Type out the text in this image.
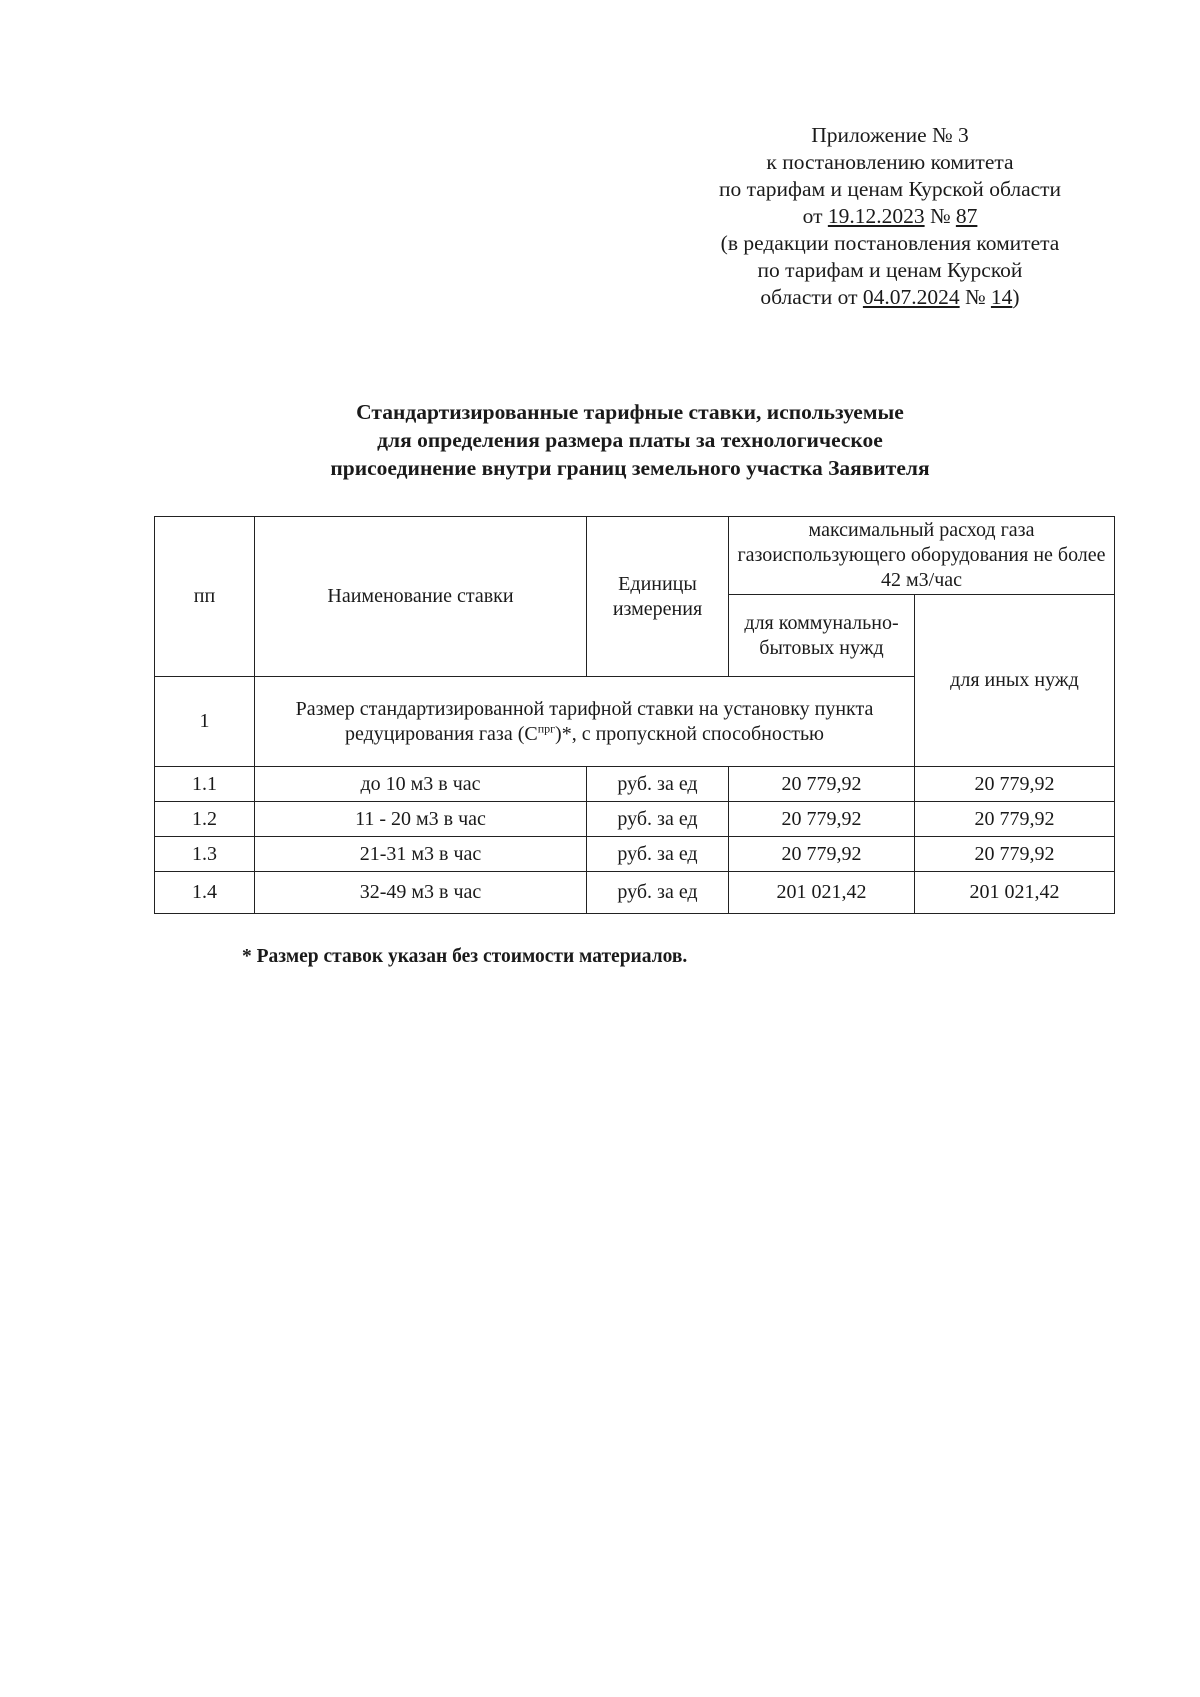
Приложение № 3
к постановлению комитета
по тарифам и ценам Курской области
от 19.12.2023 № 87
(в редакции постановления комитета
по тарифам и ценам Курской
области от 04.07.2024 № 14)
Стандартизированные тарифные ставки, используемые
для определения размера платы за технологическое
присоединение внутри границ земельного участка Заявителя
пп	Наименование ставки	Единицы измерения	максимальный расход газа газоиспользующего оборудования не более 42 м3/час	
			для коммунально-бытовых нужд	для иных нужд
1	Размер стандартизированной тарифной ставки на установку пункта редуцирования газа $(С^{прг})*$, с пропускной способностью			
1.1	до 10 м3 в час	руб. за ед	20 779,92	20 779,92
1.2	11 - 20 м3 в час	руб. за ед	20 779,92	20 779,92
1.3	21-31 м3 в час	руб. за ед	20 779,92	20 779,92
1.4	32-49 м3 в час	руб. за ед	201 021,42	201 021,42
* Размер ставок указан без стоимости материалов.
